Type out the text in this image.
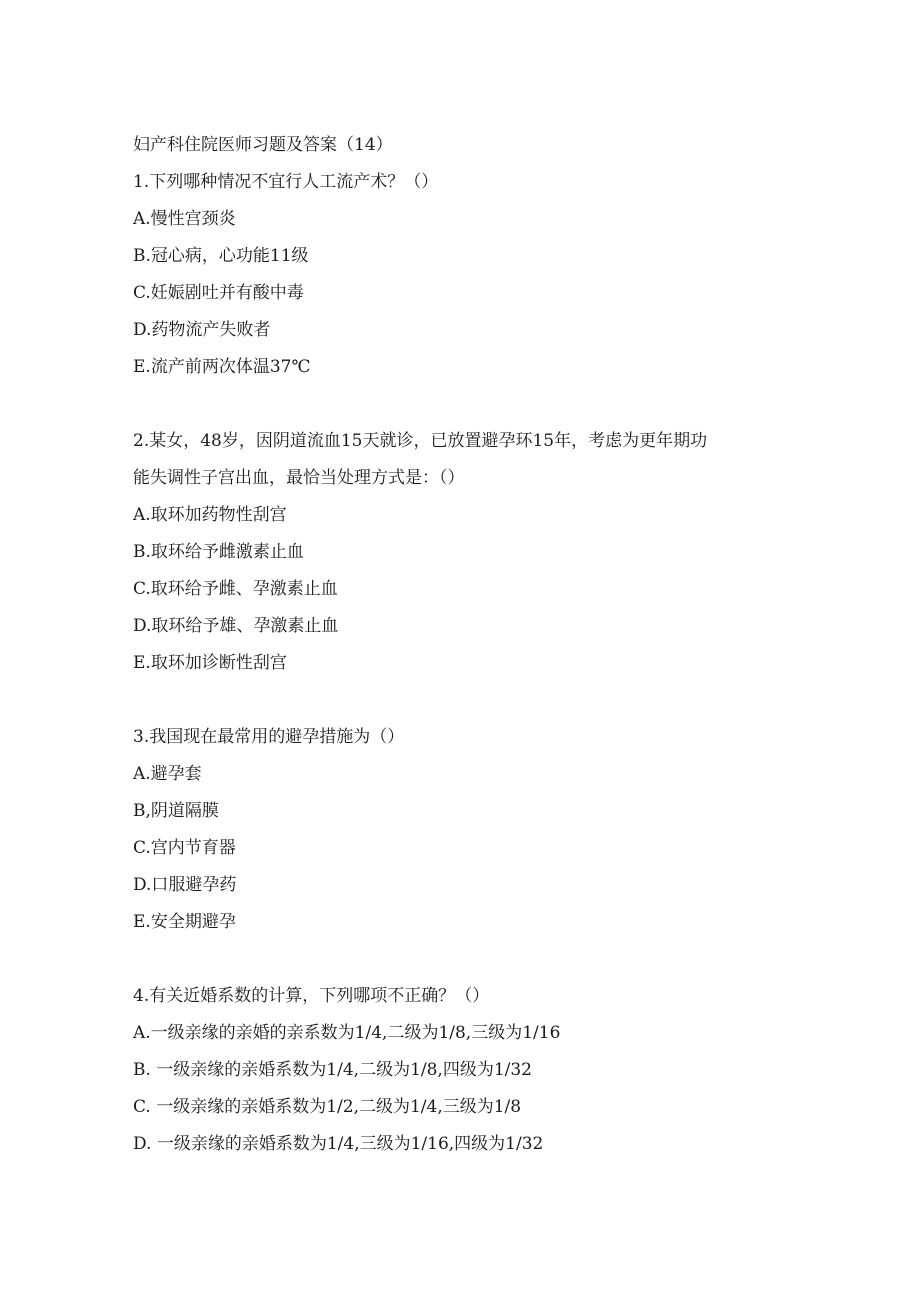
妇产科住院医师习题及答案（14）
1.下列哪种情况不宜行人工流产术？（）
A.慢性宫颈炎
B.冠心病，心功能11级
C.妊娠剧吐并有酸中毒
D.药物流产失败者
E.流产前两次体温37℃
2.某女，48岁，因阴道流血15天就诊，已放置避孕环15年，考虑为更年期功
能失调性子宫出血，最恰当处理方式是：（）
A.取环加药物性刮宫
B.取环给予雌激素止血
C.取环给予雌、孕激素止血
D.取环给予雄、孕激素止血
E.取环加诊断性刮宫
3.我国现在最常用的避孕措施为（）
A.避孕套
B,阴道隔膜
C.宫内节育器
D.口服避孕药
E.安全期避孕
4.有关近婚系数的计算，下列哪项不正确？（）
A.一级亲缘的亲婚的亲系数为1/4,二级为1/8,三级为1/16
B. 一级亲缘的亲婚系数为1/4,二级为1/8,四级为1/32
C. 一级亲缘的亲婚系数为1/2,二级为1/4,三级为1/8
D. 一级亲缘的亲婚系数为1/4,三级为1/16,四级为1/32
